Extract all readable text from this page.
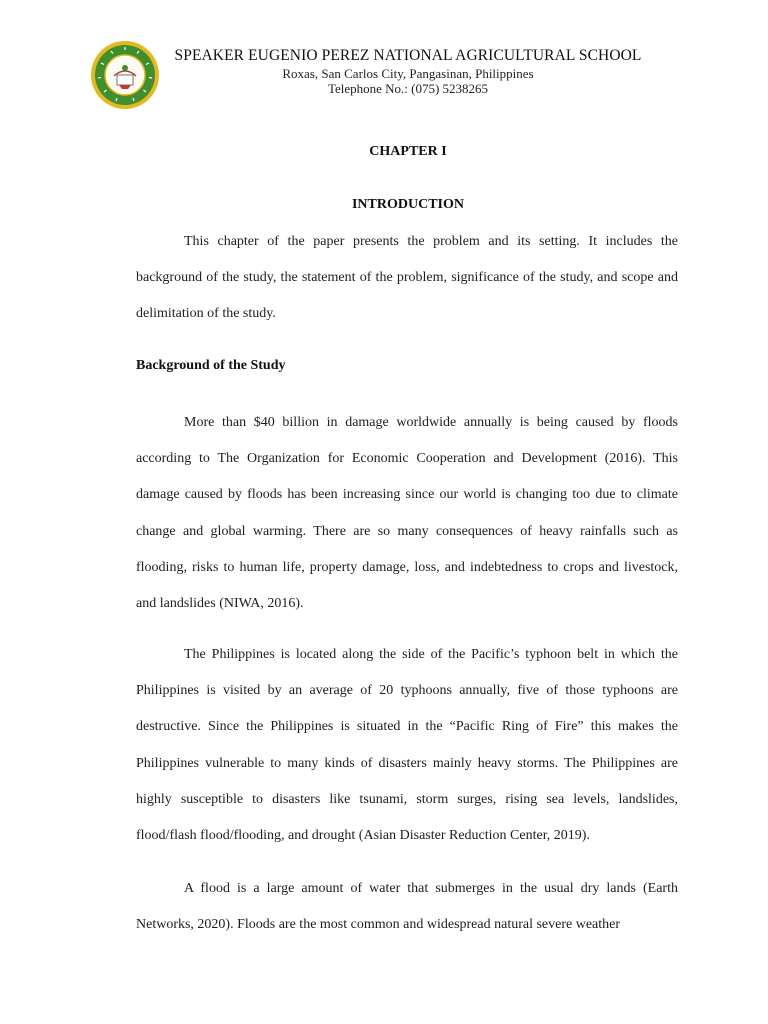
SPEAKER EUGENIO PEREZ NATIONAL AGRICULTURAL SCHOOL
Roxas, San Carlos City, Pangasinan, Philippines
Telephone No.: (075) 5238265
CHAPTER I
INTRODUCTION

This chapter of the paper presents the problem and its setting. It includes the background of the study, the statement of the problem, significance of the study, and scope and delimitation of the study.

Background of the Study

More than $40 billion in damage worldwide annually is being caused by floods according to The Organization for Economic Cooperation and Development (2016). This damage caused by floods has been increasing since our world is changing too due to climate change and global warming. There are so many consequences of heavy rainfalls such as flooding, risks to human life, property damage, loss, and indebtedness to crops and livestock, and landslides (NIWA, 2016).

The Philippines is located along the side of the Pacific’s typhoon belt in which the Philippines is visited by an average of 20 typhoons annually, five of those typhoons are destructive. Since the Philippines is situated in the “Pacific Ring of Fire” this makes the Philippines vulnerable to many kinds of disasters mainly heavy storms. The Philippines are highly susceptible to disasters like tsunami, storm surges, rising sea levels, landslides, flood/flash flood/flooding, and drought (Asian Disaster Reduction Center, 2019).

A flood is a large amount of water that submerges in the usual dry lands (Earth Networks, 2020). Floods are the most common and widespread natural severe weather
